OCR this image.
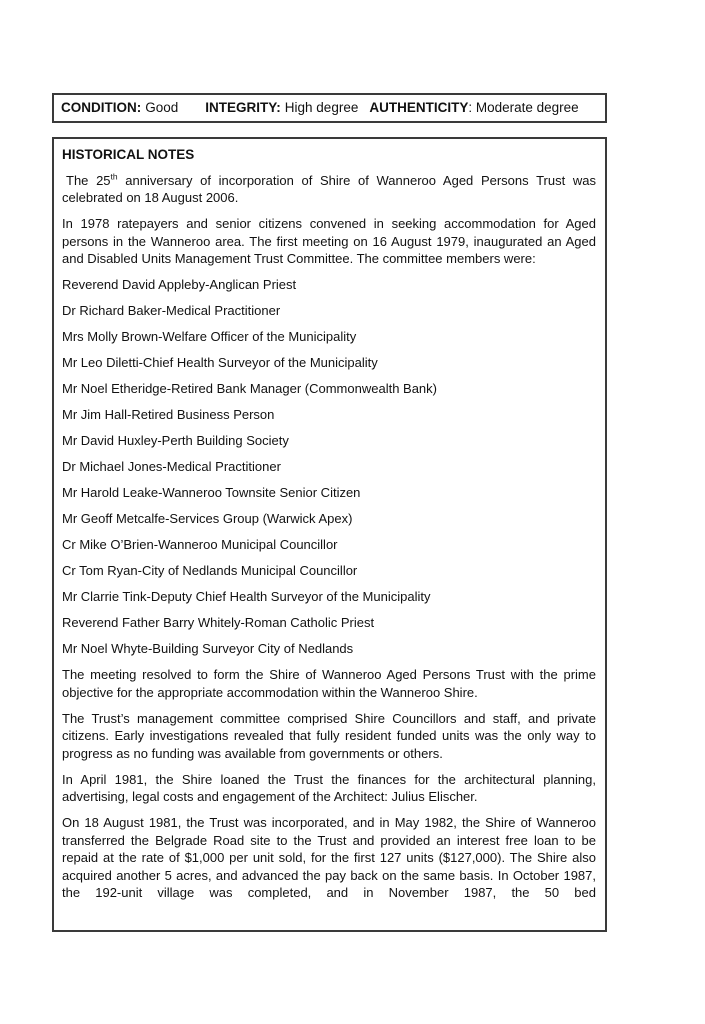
CONDITION: Good INTEGRITY: High degree AUTHENTICITY: Moderate degree
HISTORICAL NOTES

The 25th anniversary of incorporation of Shire of Wanneroo Aged Persons Trust was celebrated on 18 August 2006.

In 1978 ratepayers and senior citizens convened in seeking accommodation for Aged persons in the Wanneroo area. The first meeting on 16 August 1979, inaugurated an Aged and Disabled Units Management Trust Committee. The committee members were:

Reverend David Appleby-Anglican Priest

Dr Richard Baker-Medical Practitioner

Mrs Molly Brown-Welfare Officer of the Municipality

Mr Leo Diletti-Chief Health Surveyor of the Municipality

Mr Noel Etheridge-Retired Bank Manager (Commonwealth Bank)

Mr Jim Hall-Retired Business Person

Mr David Huxley-Perth Building Society

Dr Michael Jones-Medical Practitioner

Mr Harold Leake-Wanneroo Townsite Senior Citizen

Mr Geoff Metcalfe-Services Group (Warwick Apex)

Cr Mike O’Brien-Wanneroo Municipal Councillor

Cr Tom Ryan-City of Nedlands Municipal Councillor

Mr Clarrie Tink-Deputy Chief Health Surveyor of the Municipality

Reverend Father Barry Whitely-Roman Catholic Priest

Mr Noel Whyte-Building Surveyor City of Nedlands

The meeting resolved to form the Shire of Wanneroo Aged Persons Trust with the prime objective for the appropriate accommodation within the Wanneroo Shire.

The Trust’s management committee comprised Shire Councillors and staff, and private citizens. Early investigations revealed that fully resident funded units was the only way to progress as no funding was available from governments or others.

In April 1981, the Shire loaned the Trust the finances for the architectural planning, advertising, legal costs and engagement of the Architect: Julius Elischer.

On 18 August 1981, the Trust was incorporated, and in May 1982, the Shire of Wanneroo transferred the Belgrade Road site to the Trust and provided an interest free loan to be repaid at the rate of $1,000 per unit sold, for the first 127 units ($127,000). The Shire also acquired another 5 acres, and advanced the pay back on the same basis. In October 1987, the 192-unit village was completed, and in November 1987, the 50 bed
